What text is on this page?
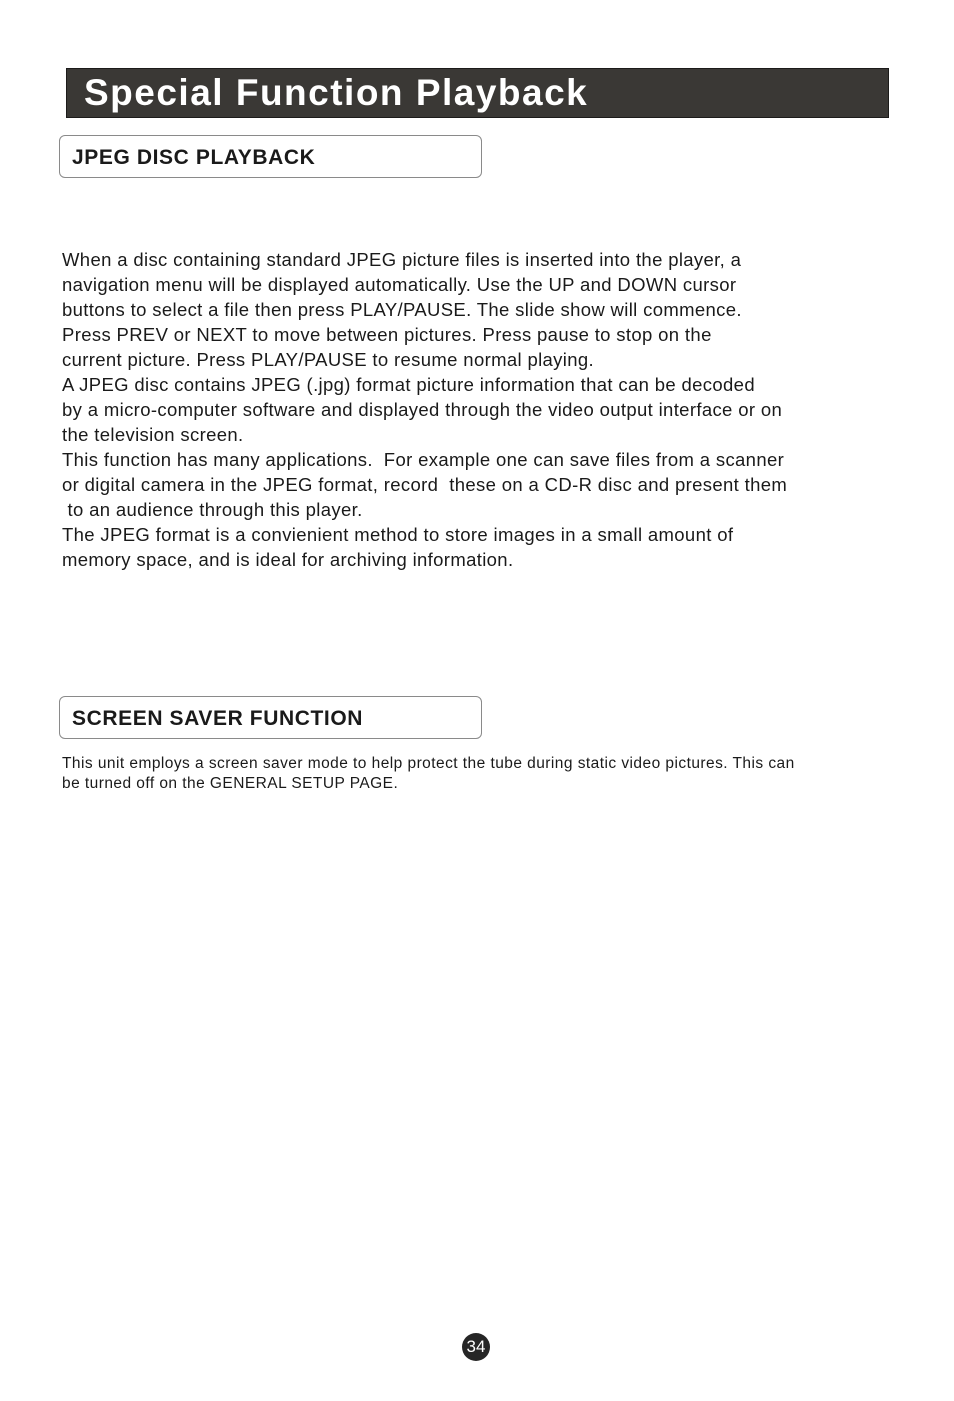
Special Function Playback
JPEG DISC PLAYBACK
When a disc containing standard JPEG picture files is inserted into the player, a
navigation menu will be displayed automatically. Use the UP and DOWN cursor
buttons to select a file then press PLAY/PAUSE. The slide show will commence.
Press PREV or NEXT to move between pictures. Press pause to stop on the
current picture. Press PLAY/PAUSE to resume normal playing.
A JPEG disc contains JPEG (.jpg) format picture information that can be decoded
by a micro-computer software and displayed through the video output interface or on
the television screen.
This function has many applications.  For example one can save files from a scanner
or digital camera in the JPEG format, record  these on a CD-R disc and present them
to an audience through this player.
The JPEG format is a convienient method to store images in a small amount of
memory space, and is ideal for archiving information.
SCREEN SAVER FUNCTION
This unit employs a screen saver mode to help protect the tube during static video pictures. This can
be turned off on the GENERAL SETUP PAGE.
34
